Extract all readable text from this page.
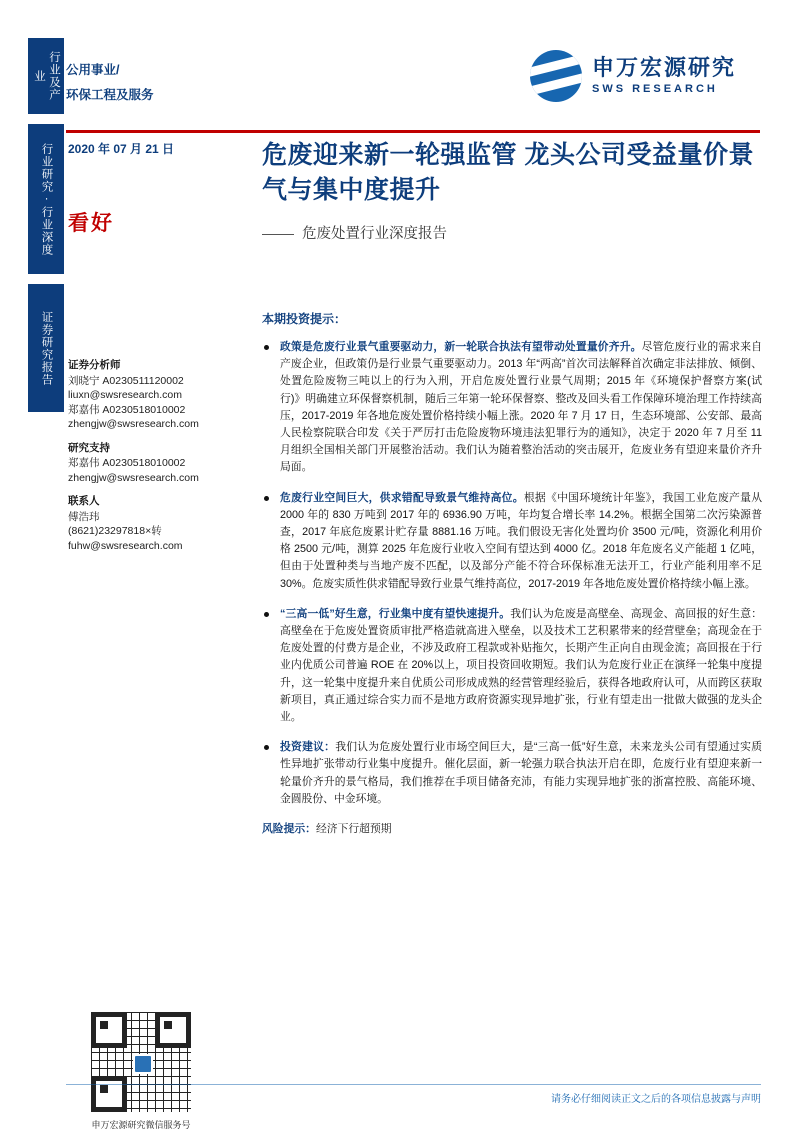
行业及产业
行业研究·行业深度
证券研究报告
公用事业/
环保工程及服务
申万宏源研究
SWS RESEARCH
2020 年 07 月 21 日
看好
危废迎来新一轮强监管 龙头公司受益量价景气与集中度提升
危废处置行业深度报告
证券分析师
刘晓宁 A0230511120002
liuxn@swsresearch.com
郑嘉伟 A0230518010002
zhengjw@swsresearch.com
研究支持
郑嘉伟 A0230518010002
zhengjw@swsresearch.com
联系人
傅浩玮
(8621)23297818×转
fuhw@swsresearch.com
本期投资提示：
政策是危废行业景气重要驱动力，新一轮联合执法有望带动处置量价齐升。尽管危废行业的需求来自产废企业，但政策仍是行业景气重要驱动力。2013 年“两高”首次司法解释首次确定非法排放、倾倒、处置危险废物三吨以上的行为入刑，开启危废处置行业景气周期；2015 年《环境保护督察方案(试行)》明确建立环保督察机制，随后三年第一轮环保督察、整改及回头看工作保障环境治理工作持续高压，2017-2019 年各地危废处置价格持续小幅上涨。2020 年 7 月 17 日，生态环境部、公安部、最高人民检察院联合印发《关于严厉打击危险废物环境违法犯罪行为的通知》，决定于 2020 年 7 月至 11 月组织全国相关部门开展整治活动。我们认为随着整治活动的突击展开，危废业务有望迎来量价齐升局面。
危废行业空间巨大，供求错配导致景气维持高位。根据《中国环境统计年鉴》，我国工业危废产量从 2000 年的 830 万吨到 2017 年的 6936.90 万吨，年均复合增长率 14.2%。根据全国第二次污染源普查，2017 年底危废累计贮存量 8881.16 万吨。我们假设无害化处置均价 3500 元/吨，资源化利用价格 2500 元/吨，测算 2025 年危废行业收入空间有望达到 4000 亿。2018 年危废名义产能超 1 亿吨，但由于处置种类与当地产废不匹配，以及部分产能不符合环保标准无法开工，行业产能利用率不足 30%。危废实质性供求错配导致行业景气维持高位，2017-2019 年各地危废处置价格持续小幅上涨。
“三高一低”好生意，行业集中度有望快速提升。我们认为危废是高壁垒、高现金、高回报的好生意：高壁垒在于危废处置资质审批严格造就高进入壁垒，以及技术工艺积累带来的经营壁垒；高现金在于危废处置的付费方是企业，不涉及政府工程款或补贴拖欠，长期产生正向自由现金流；高回报在于行业内优质公司普遍 ROE 在 20%以上，项目投资回收期短。我们认为危废行业正在演绎一轮集中度提升，这一轮集中度提升来自优质公司形成成熟的经营管理经验后，获得各地政府认可，从而跨区获取新项目，真正通过综合实力而不是地方政府资源实现异地扩张，行业有望走出一批做大做强的龙头企业。
投资建议：我们认为危废处置行业市场空间巨大，是“三高一低”好生意，未来龙头公司有望通过实质性异地扩张带动行业集中度提升。催化层面，新一轮强力联合执法开启在即，危废行业有望迎来新一轮量价齐升的景气格局，我们推荐在手项目储备充沛，有能力实现异地扩张的浙富控股、高能环境、金圆股份、中金环境。
风险提示：经济下行超预期
申万宏源研究微信服务号
请务必仔细阅读正文之后的各项信息披露与声明
